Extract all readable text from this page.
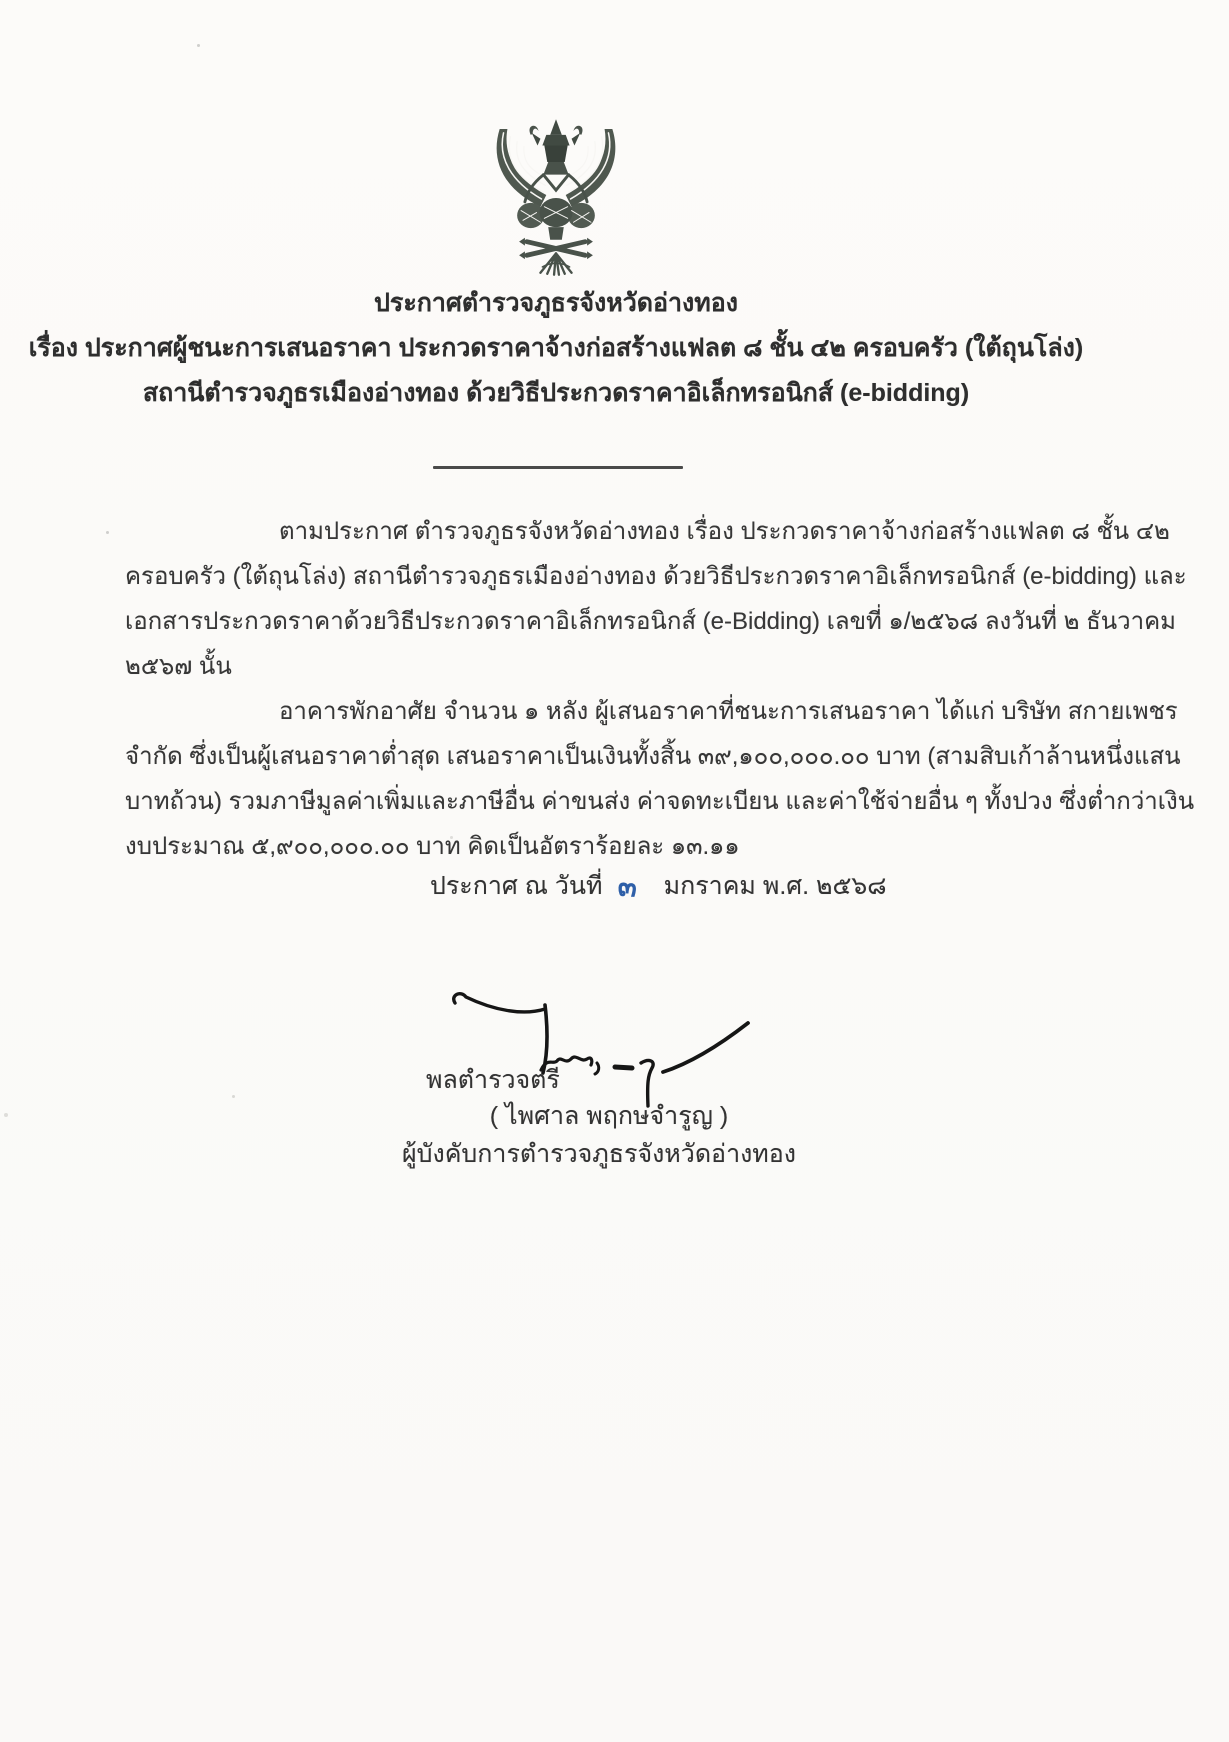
ประกาศตำรวจภูธรจังหวัดอ่างทอง
เรื่อง ประกาศผู้ชนะการเสนอราคา ประกวดราคาจ้างก่อสร้างแฟลต ๘ ชั้น ๔๒ ครอบครัว (ใต้ถุนโล่ง)
สถานีตำรวจภูธรเมืองอ่างทอง ด้วยวิธีประกวดราคาอิเล็กทรอนิกส์ (e-bidding)
ตามประกาศ ตำรวจภูธรจังหวัดอ่างทอง เรื่อง ประกวดราคาจ้างก่อสร้างแฟลต ๘ ชั้น ๔๒
ครอบครัว (ใต้ถุนโล่ง) สถานีตำรวจภูธรเมืองอ่างทอง ด้วยวิธีประกวดราคาอิเล็กทรอนิกส์ (e-bidding) และ
เอกสารประกวดราคาด้วยวิธีประกวดราคาอิเล็กทรอนิกส์ (e-Bidding) เลขที่ ๑/๒๕๖๘ ลงวันที่ ๒ ธันวาคม
๒๕๖๗ นั้น
อาคารพักอาศัย จำนวน ๑ หลัง ผู้เสนอราคาที่ชนะการเสนอราคา ได้แก่ บริษัท สกายเพชร
จำกัด ซึ่งเป็นผู้เสนอราคาต่ำสุด เสนอราคาเป็นเงินทั้งสิ้น ๓๙,๑๐๐,๐๐๐.๐๐ บาท (สามสิบเก้าล้านหนึ่งแสน
บาทถ้วน) รวมภาษีมูลค่าเพิ่มและภาษีอื่น ค่าขนส่ง ค่าจดทะเบียน และค่าใช้จ่ายอื่น ๆ ทั้งปวง ซึ่งต่ำกว่าเงิน
งบประมาณ ๕,๙๐๐,๐๐๐.๐๐ บาท คิดเป็นอัตราร้อยละ ๑๓.๑๑
ประกาศ ณ วันที่ ๓ มกราคม พ.ศ. ๒๕๖๘
พลตำรวจตรี
( ไพศาล พฤกษจำรูญ )
ผู้บังคับการตำรวจภูธรจังหวัดอ่างทอง
